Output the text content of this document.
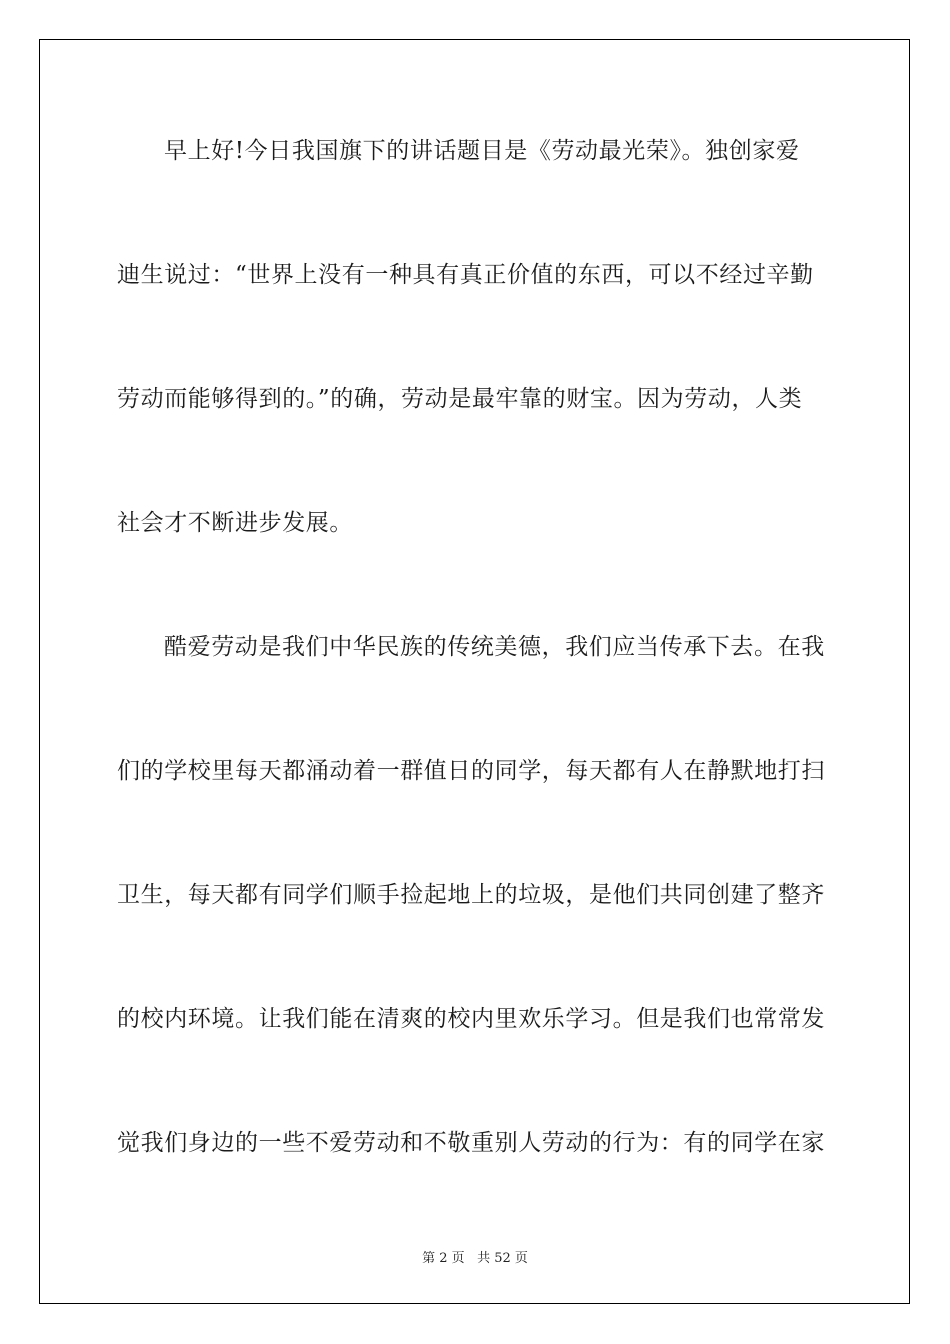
早上好!今日我国旗下的讲话题目是《劳动最光荣》。独创家爱

迪生说过：“世界上没有一种具有真正价值的东西，可以不经过辛勤

劳动而能够得到的。”的确，劳动是最牢靠的财宝。因为劳动，人类

社会才不断进步发展。

酷爱劳动是我们中华民族的传统美德，我们应当传承下去。在我

们的学校里每天都涌动着一群值日的同学，每天都有人在静默地打扫

卫生，每天都有同学们顺手捡起地上的垃圾，是他们共同创建了整齐

的校内环境。让我们能在清爽的校内里欢乐学习。但是我们也常常发

觉我们身边的一些不爱劳动和不敬重别人劳动的行为：有的同学在家

第 2 页 共 52 页
